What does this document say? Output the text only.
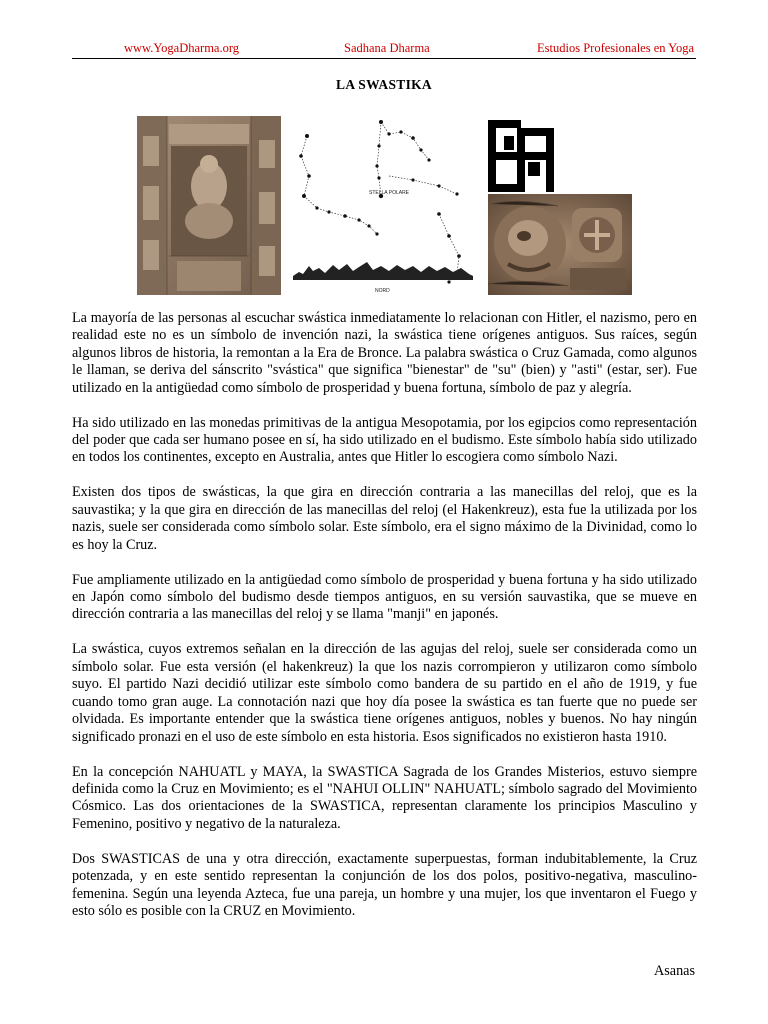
www.YogaDharma.org	Sadhana Dharma	Estudios Profesionales en Yoga
LA SWASTIKA
STELLA POLARE
NORD

La mayoría de las personas al escuchar swástica inmediatamente lo relacionan con Hitler, el nazismo, pero en realidad este no es un símbolo de invención nazi, la swástica tiene orígenes antiguos. Sus raíces, según algunos libros de historia, la remontan a la Era de Bronce. La palabra swástica o Cruz Gamada, como algunos le llaman, se deriva del sánscrito "svástica" que significa "bienestar" de "su" (bien) y "asti" (estar, ser). Fue utilizado en la antigüedad como símbolo de prosperidad y buena fortuna, símbolo de paz y alegría.

Ha sido utilizado en las monedas primitivas de la antigua Mesopotamia, por los egipcios como representación del poder que cada ser humano posee en sí, ha sido utilizado en el budismo. Este símbolo había sido utilizado en todos los continentes, excepto en Australia, antes que Hitler lo escogiera como símbolo Nazi.

Existen dos tipos de swásticas, la que gira en dirección contraria a las manecillas del reloj, que es la sauvastika; y la que gira en dirección de las manecillas del reloj (el Hakenkreuz), esta fue la utilizada por los nazis, suele ser considerada como símbolo solar. Este símbolo, era el signo máximo de la Divinidad, como lo es hoy la Cruz.

Fue ampliamente utilizado en la antigüedad como símbolo de prosperidad y buena fortuna y ha sido utilizado en Japón como símbolo del budismo desde tiempos antiguos, en su versión sauvastika, que se mueve en dirección contraria a las manecillas del reloj y se llama "manji" en japonés.

La swástica, cuyos extremos señalan en la dirección de las agujas del reloj, suele ser considerada como un símbolo solar. Fue esta versión (el hakenkreuz) la que los nazis corrompieron y utilizaron como símbolo suyo. El partido Nazi decidió utilizar este símbolo como bandera de su partido en el año de 1919, y fue cuando tomo gran auge. La connotación nazi que hoy día posee la swástica es tan fuerte que no puede ser olvidada. Es importante entender que la swástica tiene orígenes antiguos, nobles y buenos. No hay ningún significado pronazi en el uso de este símbolo en esta historia. Esos significados no existieron hasta 1910.

En la concepción NAHUATL y MAYA, la SWASTICA Sagrada de los Grandes Misterios, estuvo siempre definida como la Cruz en Movimiento; es el "NAHUI OLLIN" NAHUATL; símbolo sagrado del Movimiento Cósmico. Las dos orientaciones de la SWASTICA, representan claramente los principios Masculino y Femenino, positivo y negativo de la naturaleza.

Dos SWASTICAS de una y otra dirección, exactamente superpuestas, forman indubitablemente, la Cruz potenzada, y en este sentido representan la conjunción de los dos polos, positivo-negativa, masculino-femenina. Según una leyenda Azteca, fue una pareja, un hombre y una mujer, los que inventaron el Fuego y esto sólo es posible con la CRUZ en Movimiento.

Asanas
